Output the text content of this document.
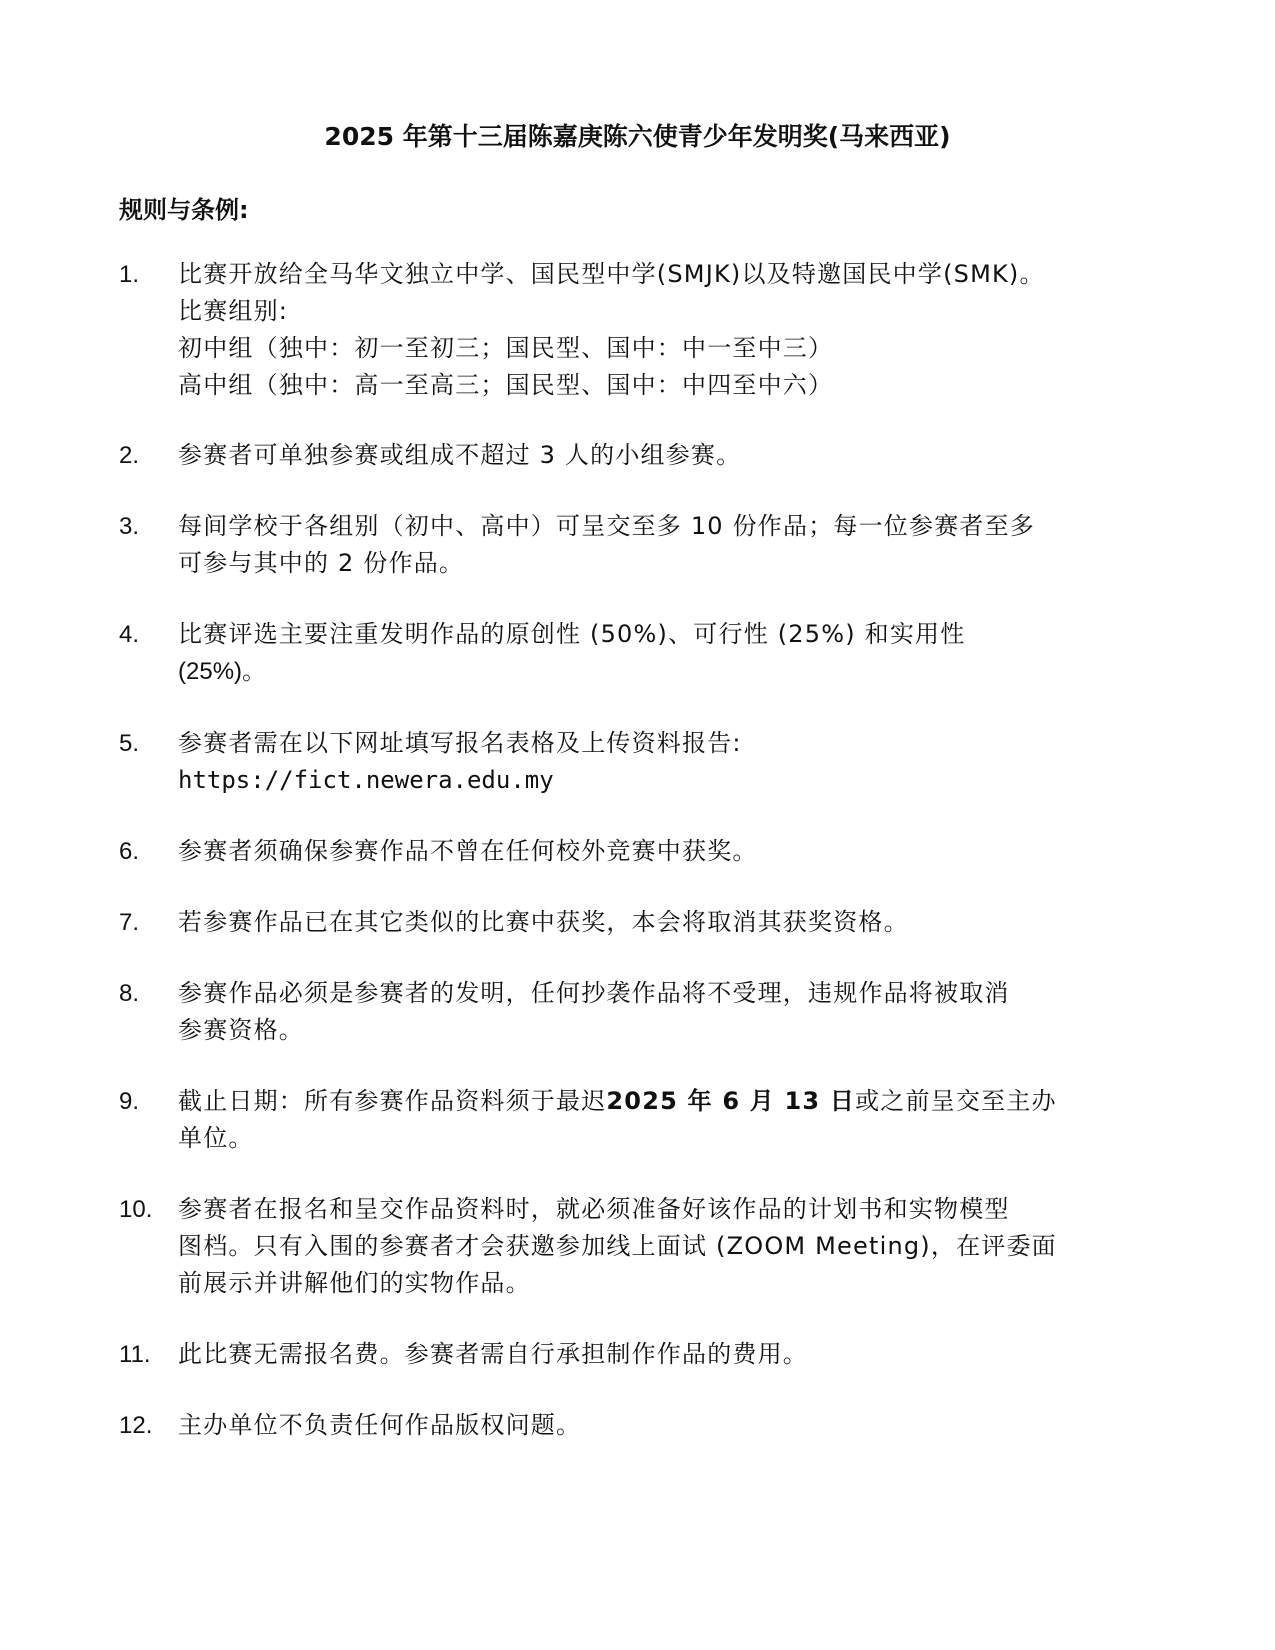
2025 年第十三届陈嘉庚陈六使青少年发明奖(马来西亚)
规则与条例:
1.	比赛开放给全马华文独立中学、国民型中学(SMJK)以及特邀国民中学(SMK)。
比赛组别:
初中组（独中：初一至初三；国民型、国中：中一至中三）
高中组（独中：高一至高三；国民型、国中：中四至中六）
2.	参赛者可单独参赛或组成不超过 3 人的小组参赛。
3.	每间学校于各组别（初中、高中）可呈交至多 10 份作品；每一位参赛者至多
可参与其中的 2 份作品。
4.	比赛评选主要注重发明作品的原创性 (50%)、可行性 (25%) 和实用性
(25%)。
5.	参赛者需在以下网址填写报名表格及上传资料报告:
https://fict.newera.edu.my
6.	参赛者须确保参赛作品不曾在任何校外竞赛中获奖。
7.	若参赛作品已在其它类似的比赛中获奖，本会将取消其获奖资格。
8.	参赛作品必须是参赛者的发明，任何抄袭作品将不受理，违规作品将被取消
参赛资格。
9.	截止日期：所有参赛作品资料须于最迟2025 年 6 月 13 日或之前呈交至主办
单位。
10.	参赛者在报名和呈交作品资料时，就必须准备好该作品的计划书和实物模型
图档。只有入围的参赛者才会获邀参加线上面试 (ZOOM Meeting)，在评委面
前展示并讲解他们的实物作品。
11.	此比赛无需报名费。参赛者需自行承担制作作品的费用。
12.	主办单位不负责任何作品版权问题。
